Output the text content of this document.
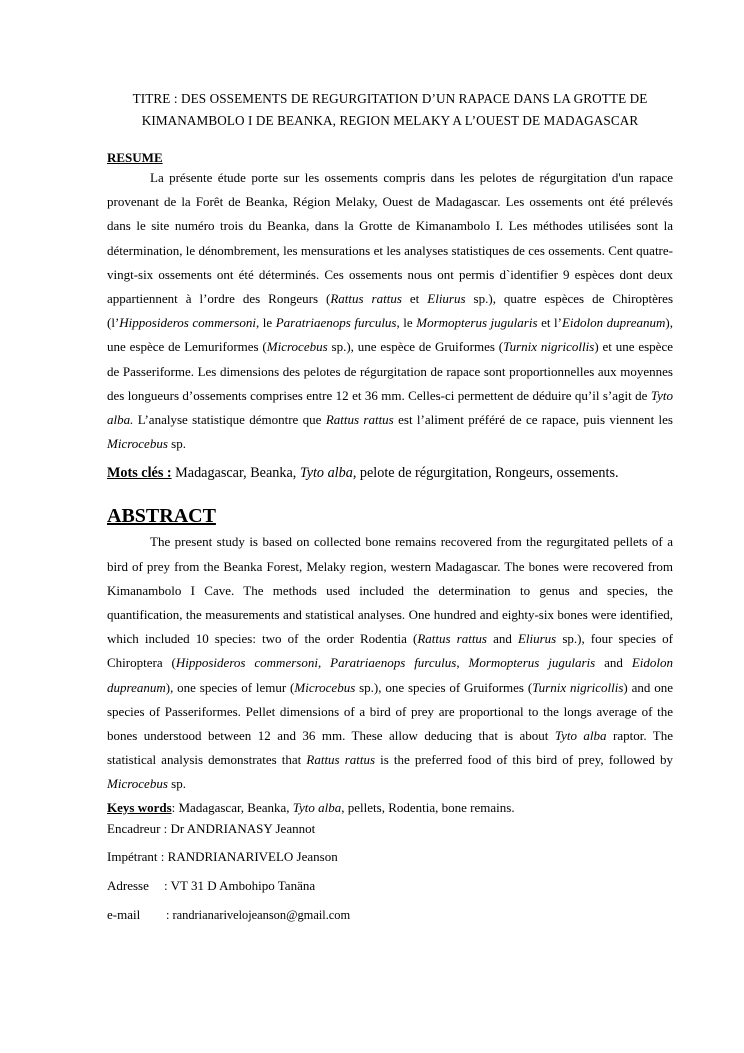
TITRE : DES OSSEMENTS DE REGURGITATION D’UN RAPACE DANS LA GROTTE DE
KIMANAMBOLO I DE BEANKA, REGION MELAKY A L’OUEST DE MADAGASCAR
RESUME

La présente étude porte sur les ossements compris dans les pelotes de régurgitation d'un rapace provenant de la Forêt de Beanka, Région Melaky, Ouest de Madagascar. Les ossements ont été prélevés dans le site numéro trois du Beanka, dans la Grotte de Kimanambolo I. Les méthodes utilisées sont la détermination, le dénombrement, les mensurations et les analyses statistiques de ces ossements. Cent quatre-vingt-six ossements ont été déterminés. Ces ossements nous ont permis d`identifier 9 espèces dont deux appartiennent à l’ordre des Rongeurs (Rattus rattus et Eliurus sp.), quatre espèces de Chiroptères (l’Hipposideros commersoni, le Paratriaenops furculus, le Mormopterus jugularis et l’Eidolon dupreanum), une espèce de Lemuriformes (Microcebus sp.), une espèce de Gruiformes (Turnix nigricollis) et une espèce de Passeriforme. Les dimensions des pelotes de régurgitation de rapace sont proportionnelles aux moyennes des longueurs d’ossements comprises entre 12 et 36 mm. Celles-ci permettent de déduire qu’il s’agit de Tyto alba. L’analyse statistique démontre que Rattus rattus est l’aliment préféré de ce rapace, puis viennent les Microcebus sp.

Mots clés : Madagascar, Beanka, Tyto alba, pelote de régurgitation, Rongeurs, ossements.
ABSTRACT

The present study is based on collected bone remains recovered from the regurgitated pellets of a bird of prey from the Beanka Forest, Melaky region, western Madagascar. The bones were recovered from Kimanambolo I Cave. The methods used included the determination to genus and species, the quantification, the measurements and statistical analyses. One hundred and eighty-six bones were identified, which included 10 species: two of the order Rodentia (Rattus rattus and Eliurus sp.), four species of Chiroptera (Hipposideros commersoni, Paratriaenops furculus, Mormopterus jugularis and Eidolon dupreanum), one species of lemur (Microcebus sp.), one species of Gruiformes (Turnix nigricollis) and one species of Passeriformes. Pellet dimensions of a bird of prey are proportional to the longs average of the bones understood between 12 and 36 mm. These allow deducing that is about Tyto alba raptor. The statistical analysis demonstrates that Rattus rattus is the preferred food of this bird of prey, followed by Microcebus sp.

Keys words: Madagascar, Beanka, Tyto alba, pellets, Rodentia, bone remains.
Encadreur : Dr ANDRIANASY Jeannot
Impétrant : RANDRIANARIVELO Jeanson
Adresse : VT 31 D Ambohipo Tanäna
e-mail : randrianarivelojeanson@gmail.com
